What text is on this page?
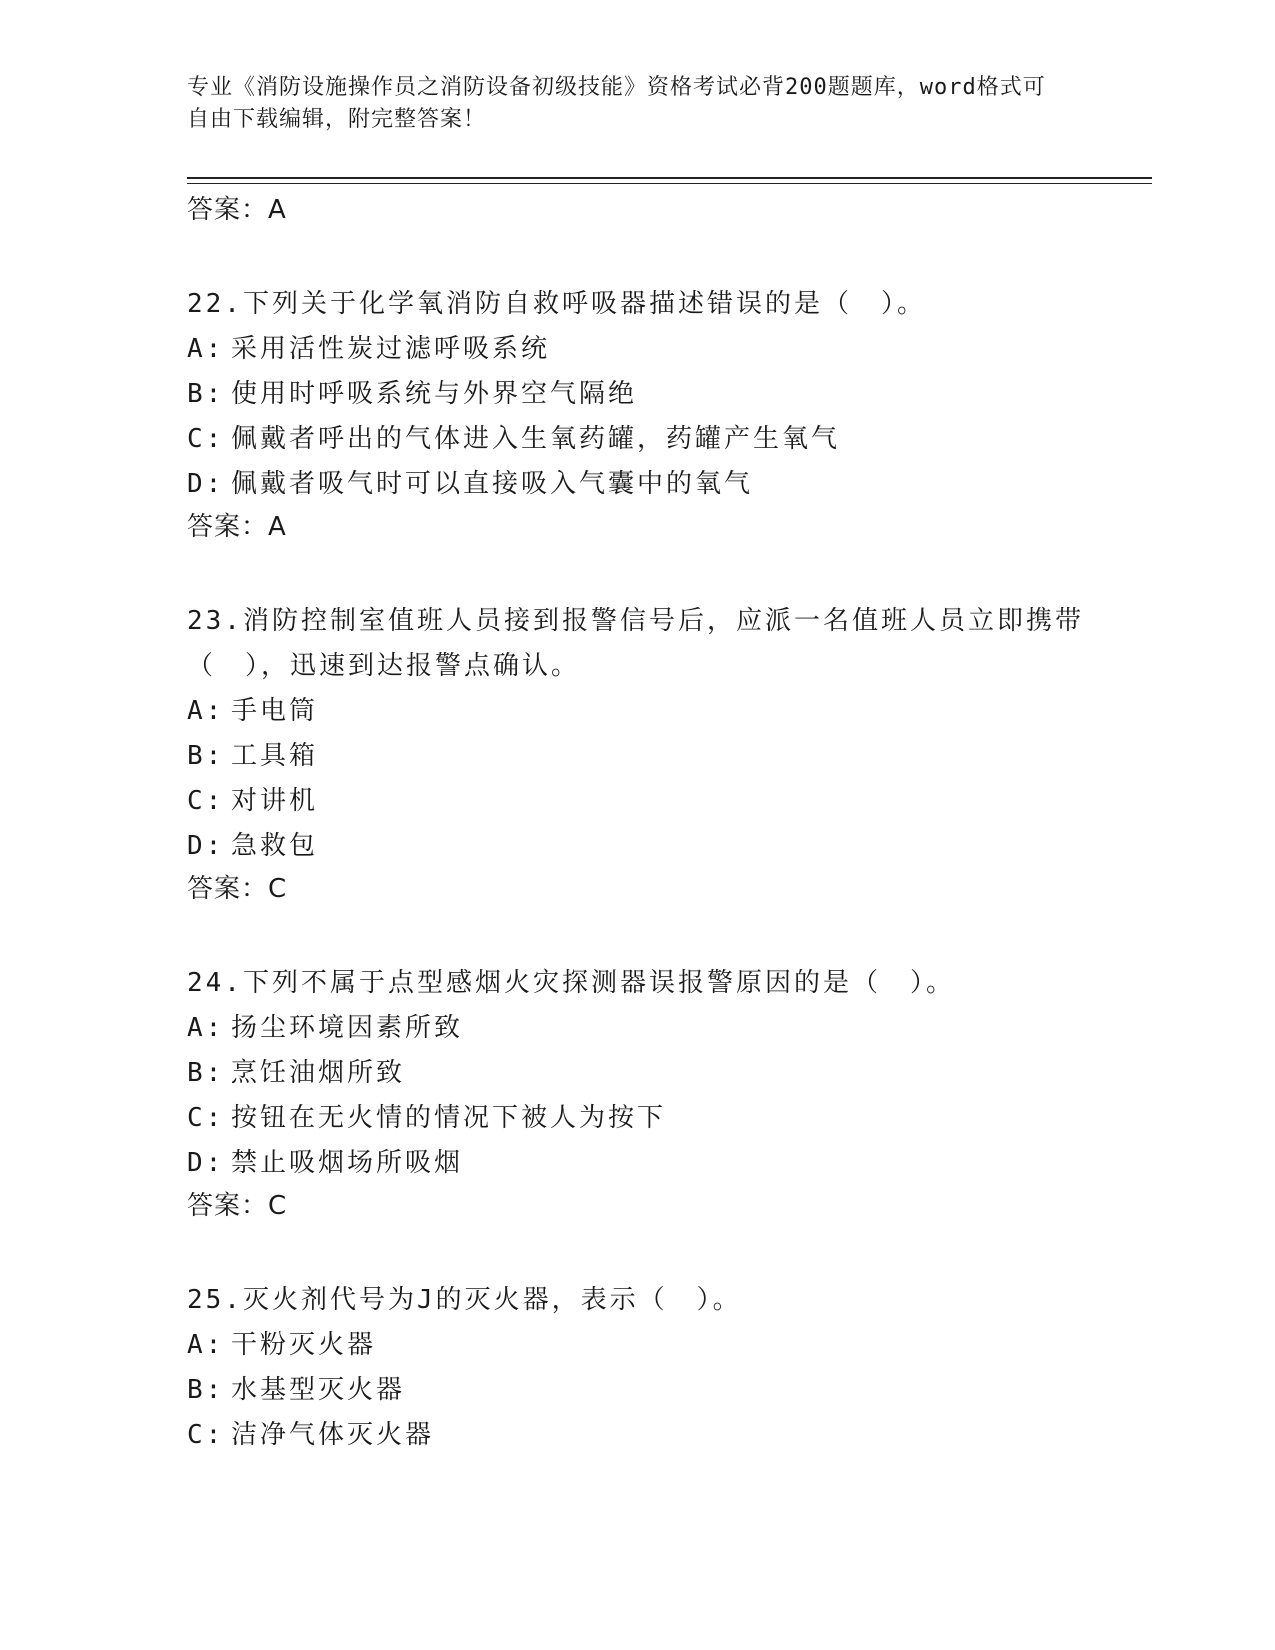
专业《消防设施操作员之消防设备初级技能》资格考试必背200题题库，word格式可自由下载编辑，附完整答案！
答案：A
22.下列关于化学氧消防自救呼吸器描述错误的是（　）。
A: 采用活性炭过滤呼吸系统
B: 使用时呼吸系统与外界空气隔绝
C: 佩戴者呼出的气体进入生氧药罐，药罐产生氧气
D: 佩戴者吸气时可以直接吸入气囊中的氧气
答案：A
23.消防控制室值班人员接到报警信号后，应派一名值班人员立即携带（　），迅速到达报警点确认。
A: 手电筒
B: 工具箱
C: 对讲机
D: 急救包
答案：C
24.下列不属于点型感烟火灾探测器误报警原因的是（　）。
A: 扬尘环境因素所致
B: 烹饪油烟所致
C: 按钮在无火情的情况下被人为按下
D: 禁止吸烟场所吸烟
答案：C
25.灭火剂代号为J的灭火器，表示（　）。
A: 干粉灭火器
B: 水基型灭火器
C: 洁净气体灭火器
